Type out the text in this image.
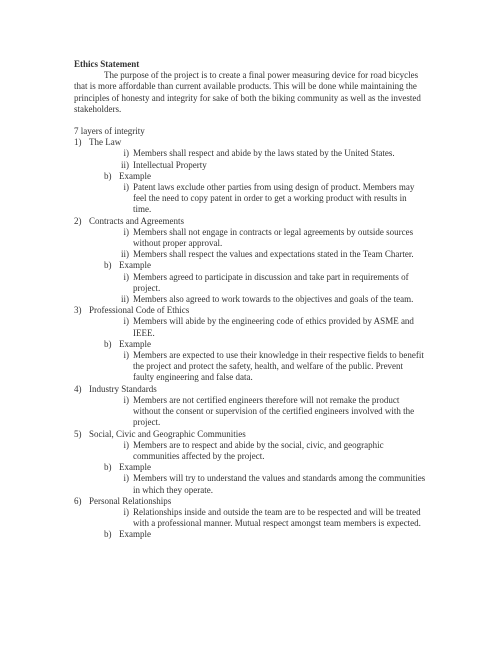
Ethics Statement

The purpose of the project is to create a final power measuring device for road bicycles that is more affordable than current available products. This will be done while maintaining the principles of honesty and integrity for sake of both the biking community as well as the invested stakeholders.

7 layers of integrity

1) The Law
i) Members shall respect and abide by the laws stated by the United States.
ii) Intellectual Property
b) Example
i) Patent laws exclude other parties from using design of product. Members may feel the need to copy patent in order to get a working product with results in time.
2) Contracts and Agreements
i) Members shall not engage in contracts or legal agreements by outside sources without proper approval.
ii) Members shall respect the values and expectations stated in the Team Charter.
b) Example
i) Members agreed to participate in discussion and take part in requirements of project.
ii) Members also agreed to work towards to the objectives and goals of the team.
3) Professional Code of Ethics
i) Members will abide by the engineering code of ethics provided by ASME and IEEE.
b) Example
i) Members are expected to use their knowledge in their respective fields to benefit the project and protect the safety, health, and welfare of the public. Prevent faulty engineering and false data.
4) Industry Standards
i) Members are not certified engineers therefore will not remake the product without the consent or supervision of the certified engineers involved with the project.
5) Social, Civic and Geographic Communities
i) Members are to respect and abide by the social, civic, and geographic communities affected by the project.
b) Example
i) Members will try to understand the values and standards among the communities in which they operate.
6) Personal Relationships
i) Relationships inside and outside the team are to be respected and will be treated with a professional manner. Mutual respect amongst team members is expected.
b) Example
